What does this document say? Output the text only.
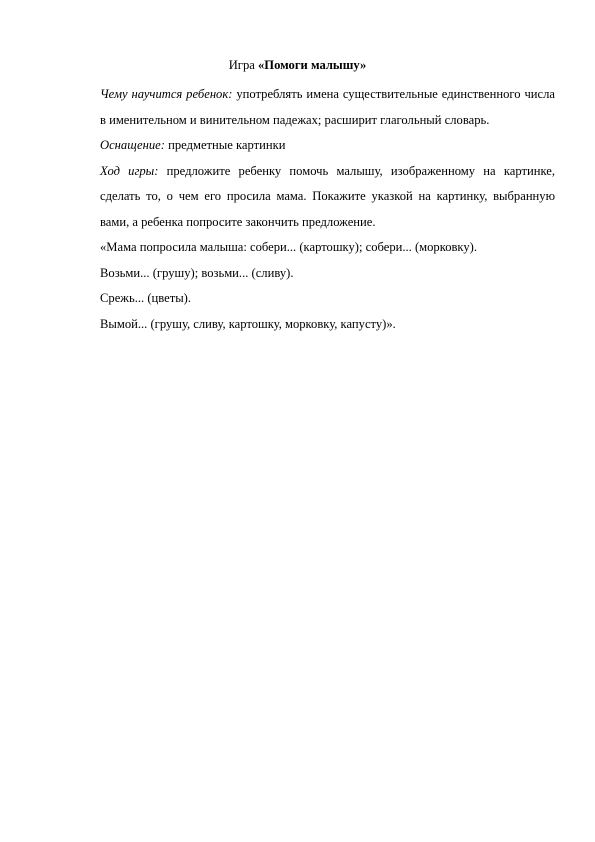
Игра «Помоги малышу»

Чему научится ребенок: употреблять имена существительные единственного числа в именительном и винительном падежах; расширит глагольный словарь.

Оснащение: предметные картинки

Ход игры: предложите ребенку помочь малышу, изображенному на картинке, сделать то, о чем его просила мама. Покажите указкой на картинку, выбранную вами, а ребенка попросите закончить предложение.

«Мама попросила малыша: собери... (картошку); собери... (морковку).

Возьми... (грушу); возьми... (сливу).

Срежь... (цветы).

Вымой... (грушу, сливу, картошку, морковку, капусту)».
